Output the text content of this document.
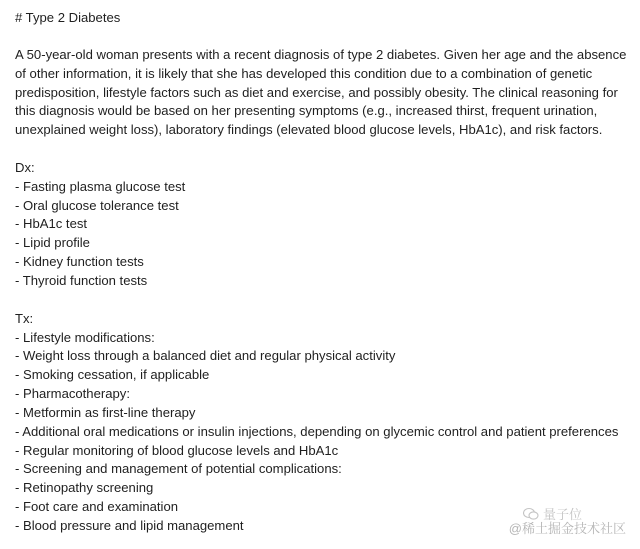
# Type 2 Diabetes

A 50-year-old woman presents with a recent diagnosis of type 2 diabetes. Given her age and the absence of other information, it is likely that she has developed this condition due to a combination of genetic predisposition, lifestyle factors such as diet and exercise, and possibly obesity. The clinical reasoning for this diagnosis would be based on her presenting symptoms (e.g., increased thirst, frequent urination, unexplained weight loss), laboratory findings (elevated blood glucose levels, HbA1c), and risk factors.

Dx:
- Fasting plasma glucose test
- Oral glucose tolerance test
- HbA1c test
- Lipid profile
- Kidney function tests
- Thyroid function tests
Tx:
- Lifestyle modifications:
- Weight loss through a balanced diet and regular physical activity
- Smoking cessation, if applicable
- Pharmacotherapy:
- Metformin as first-line therapy
- Additional oral medications or insulin injections, depending on glycemic control and patient preferences
- Regular monitoring of blood glucose levels and HbA1c
- Screening and management of potential complications:
- Retinopathy screening
- Foot care and examination
- Blood pressure and lipid management
量子位
@稀土掘金技术社区
